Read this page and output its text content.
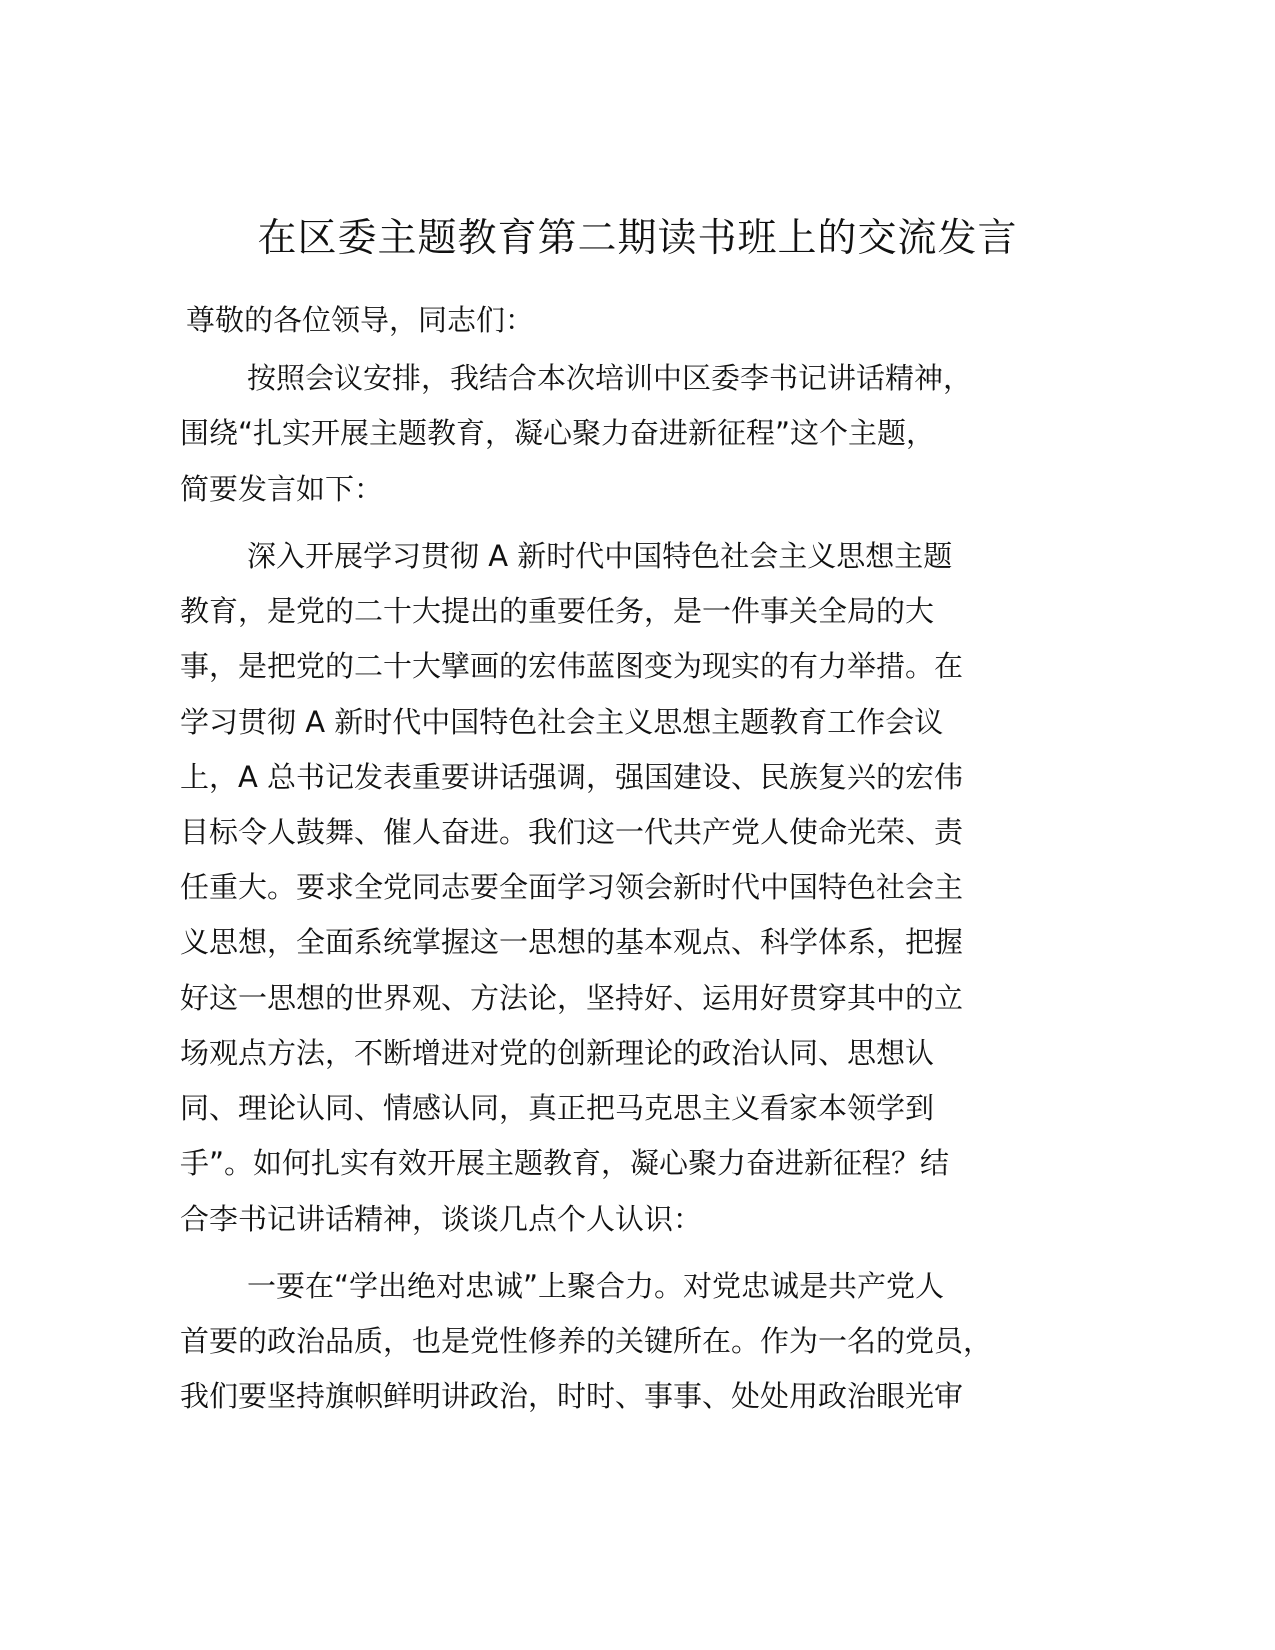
在区委主题教育第二期读书班上的交流发言

尊敬的各位领导，同志们：

按照会议安排，我结合本次培训中区委李书记讲话精神，

围绕“扎实开展主题教育，凝心聚力奋进新征程”这个主题，

简要发言如下：

深入开展学习贯彻 A 新时代中国特色社会主义思想主题

教育，是党的二十大提出的重要任务，是一件事关全局的大

事，是把党的二十大擘画的宏伟蓝图变为现实的有力举措。在

学习贯彻 A 新时代中国特色社会主义思想主题教育工作会议

上，A 总书记发表重要讲话强调，强国建设、民族复兴的宏伟

目标令人鼓舞、催人奋进。我们这一代共产党人使命光荣、责

任重大。要求全党同志要全面学习领会新时代中国特色社会主

义思想，全面系统掌握这一思想的基本观点、科学体系，把握

好这一思想的世界观、方法论，坚持好、运用好贯穿其中的立

场观点方法，不断增进对党的创新理论的政治认同、思想认

同、理论认同、情感认同，真正把马克思主义看家本领学到

手”。如何扎实有效开展主题教育，凝心聚力奋进新征程？结

合李书记讲话精神，谈谈几点个人认识：

一要在“学出绝对忠诚”上聚合力。对党忠诚是共产党人

首要的政治品质，也是党性修养的关键所在。作为一名的党员，

我们要坚持旗帜鲜明讲政治，时时、事事、处处用政治眼光审
